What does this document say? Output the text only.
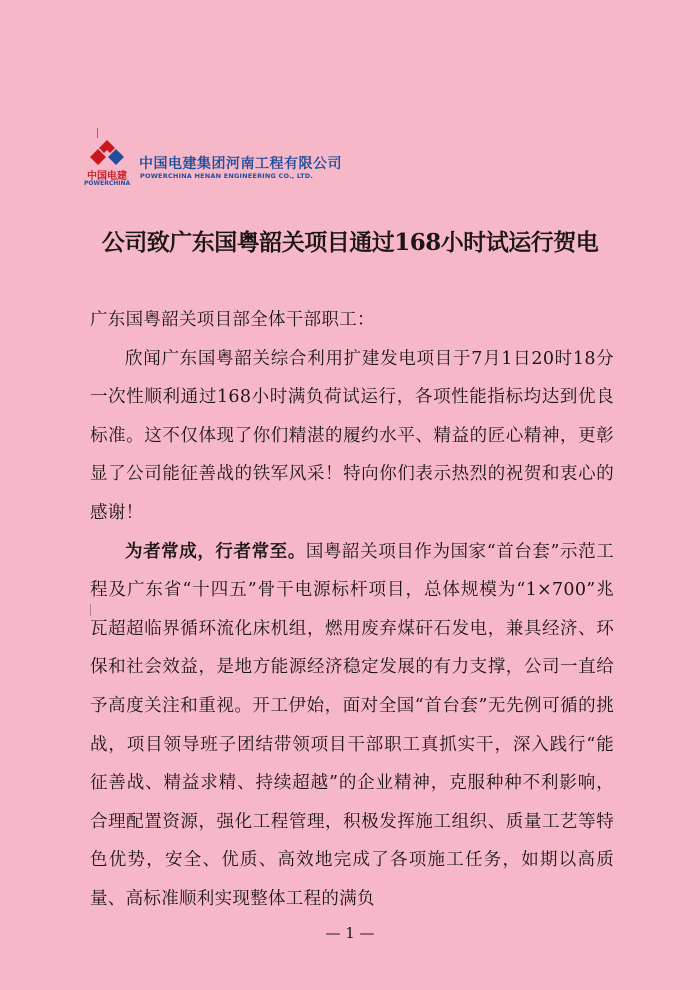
中国电建
POWERCHINA
中国电建集团河南工程有限公司
POWERCHINA HENAN ENGINEERING CO., LTD.
公司致广东国粤韶关项目通过168小时试运行贺电

广东国粤韶关项目部全体干部职工：

欣闻广东国粤韶关综合利用扩建发电项目于7月1日20时18分一次性顺利通过168小时满负荷试运行，各项性能指标均达到优良标准。这不仅体现了你们精湛的履约水平、精益的匠心精神，更彰显了公司能征善战的铁军风采！特向你们表示热烈的祝贺和衷心的感谢！

为者常成，行者常至。国粤韶关项目作为国家“首台套”示范工程及广东省“十四五”骨干电源标杆项目，总体规模为“1×700”兆瓦超超临界循环流化床机组，燃用废弃煤矸石发电，兼具经济、环保和社会效益，是地方能源经济稳定发展的有力支撑，公司一直给予高度关注和重视。开工伊始，面对全国“首台套”无先例可循的挑战，项目领导班子团结带领项目干部职工真抓实干，深入践行“能征善战、精益求精、持续超越”的企业精神，克服种种不利影响，合理配置资源，强化工程管理，积极发挥施工组织、质量工艺等特色优势，安全、优质、高效地完成了各项施工任务，如期以高质量、高标准顺利实现整体工程的满负

— 1 —
